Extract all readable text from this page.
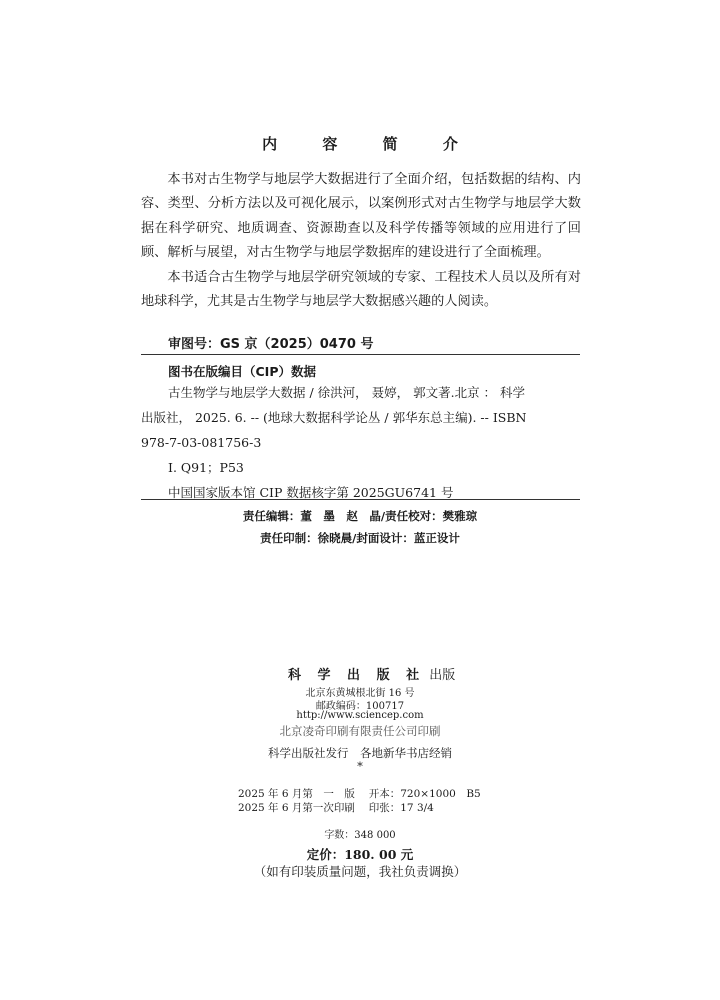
内 容 简 介

本书对古生物学与地层学大数据进行了全面介绍，包括数据的结构、内容、类型、分析方法以及可视化展示，以案例形式对古生物学与地层学大数据在科学研究、地质调查、资源勘查以及科学传播等领域的应用进行了回顾、解析与展望，对古生物学与地层学数据库的建设进行了全面梳理。

本书适合古生物学与地层学研究领域的专家、工程技术人员以及所有对地球科学，尤其是古生物学与地层学大数据感兴趣的人阅读。

审图号：GS 京（2025）0470 号
图书在版编目（CIP）数据
古生物学与地层学大数据 / 徐洪河， 聂婷， 郭文著.北京 ： 科学
出版社， 2025. 6. -- (地球大数据科学论丛 / 郭华东总主编). -- ISBN
978-7-03-081756-3
Ⅰ. Q91；P53
中国国家版本馆 CIP 数据核字第 2025GU6741 号
责任编辑：董　墨　赵　晶/责任校对：樊雅琼
责任印制：徐晓晨/封面设计：蓝正设计
科 学 出 版 社 出版
北京东黄城根北街 16 号
邮政编码：100717
http://www.sciencep.com
北京凌奇印刷有限责任公司印刷
科学出版社发行　各地新华书店经销
*
2025 年 6 月第　一　版　 开本：720×1000　B5
2025 年 6 月第一次印刷　 印张：17 3/4
字数：348 000
定价：180. 00 元
（如有印装质量问题，我社负责调换）
